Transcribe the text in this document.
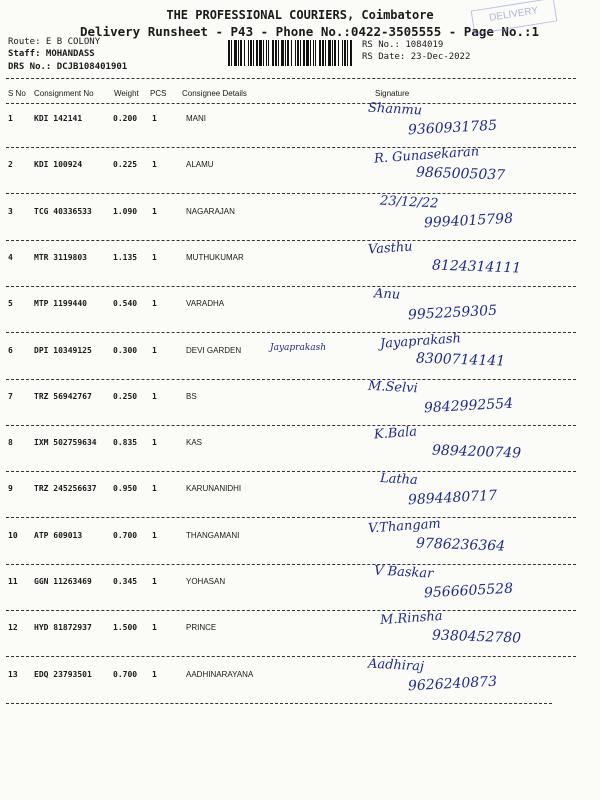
THE PROFESSIONAL COURIERS, Coimbatore
Delivery Runsheet - P43 - Phone No.:0422-3505555 - Page No.:1
DELIVERY
Route: E B COLONY
Staff: MOHANDASS
DRS No.: DCJB108401901
RS No.: 1084019
RS Date: 23-Dec-2022
S No Consignment No	Weight PCS Consignee Details	Signature
1	KDI 142141	0.200 1	MANI
Shanmu
9360931785
2	KDI 100924	0.225 1	ALAMU	R. Gunasekaran
9865005037
3	TCG 40336533	1.090 1	NAGARAJAN	23/12/22
9994015798
4	MTR 3119803	1.135 1	MUTHUKUMAR	Vasthu
8124314111
5	MTP 1199440	0.540 1	VARADHA
Anu
9952259305
6	DPI 10349125	0.300 1	DEVI GARDEN	Jayaprakash	Jayaprakash
8300714141
7	TRZ 56942767	0.250 1	BS
M.Selvi
9842992554
8	IXM 502759634 0.835 1	KAS
K.Bala
9894200749
9	TRZ 245256637 0.950 1	KARUNANIDHI
Latha
9894480717
10 ATP 609013	0.700 1	THANGAMANI	V.Thangam
9786236364
11 GGN 11263469	0.345 1	YOHASAN	V Baskar
9566605528
12 HYD 81872937	1.500 1	PRINCE	M.Rinsha
9380452780
13 EDQ 23793501	0.700 1	AADHINARAYANA
Aadhiraj
9626240873
